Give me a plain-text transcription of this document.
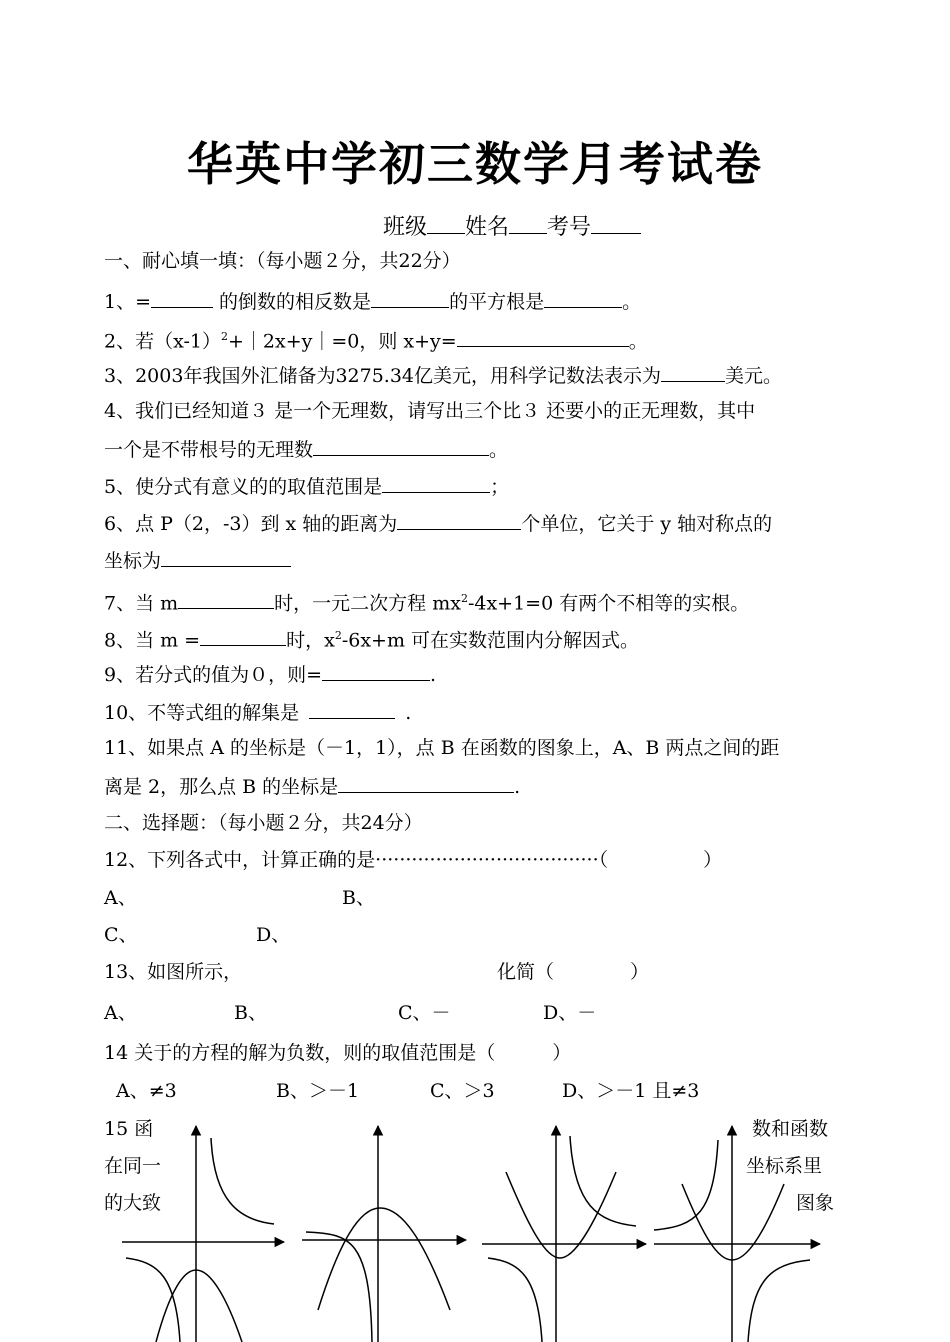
华英中学初三数学月考试卷
班级 姓名 考号
一、耐心填一填：（每小题２分，共22分）
1、=	的倒数的相反数是	的平方根是	。
2、若$(x-1)^2+|2x+y|=0$，则 x+y=	。
3、2003年我国外汇储备为3275.34亿美元，用科学记数法表示为	美元。
4、我们已经知道３ 是一个无理数，请写出三个比３ 还要小的正无理数，其中
一个是不带根号的无理数	。
5、使分式有意义的的取值范围是	；
6、点 P（2，-3）到 x 轴的距离为	个单位，它关于 y 轴对称点的
坐标为
7、当 m	时，一元二次方程 $mx^2-4x+1=0$ 有两个不相等的实根。
8、当 m =	时，$x^2-6x+m$ 可在实数范围内分解因式。
9、若分式的值为０，则=	.
10、不等式组的解集是	.
11、如果点 A 的坐标是（－1，1），点 B 在函数的图象上，A、B 两点之间的距
离是 2，那么点 B 的坐标是	.
二、选择题：（每小题２分，共24分）
12、下列各式中，计算正确的是·····································（　　　　　）
A、	B、
C、	D、
13、如图所示，	化简（　　　　）
A、	B、	C、－	D、－
14 关于的方程的解为负数，则的取值范围是（　　　）
A、≠3	B、＞－1	C、＞3	D、＞－1 且≠3
15 函
在同一
的大致
数和函数
坐标系里
图象
